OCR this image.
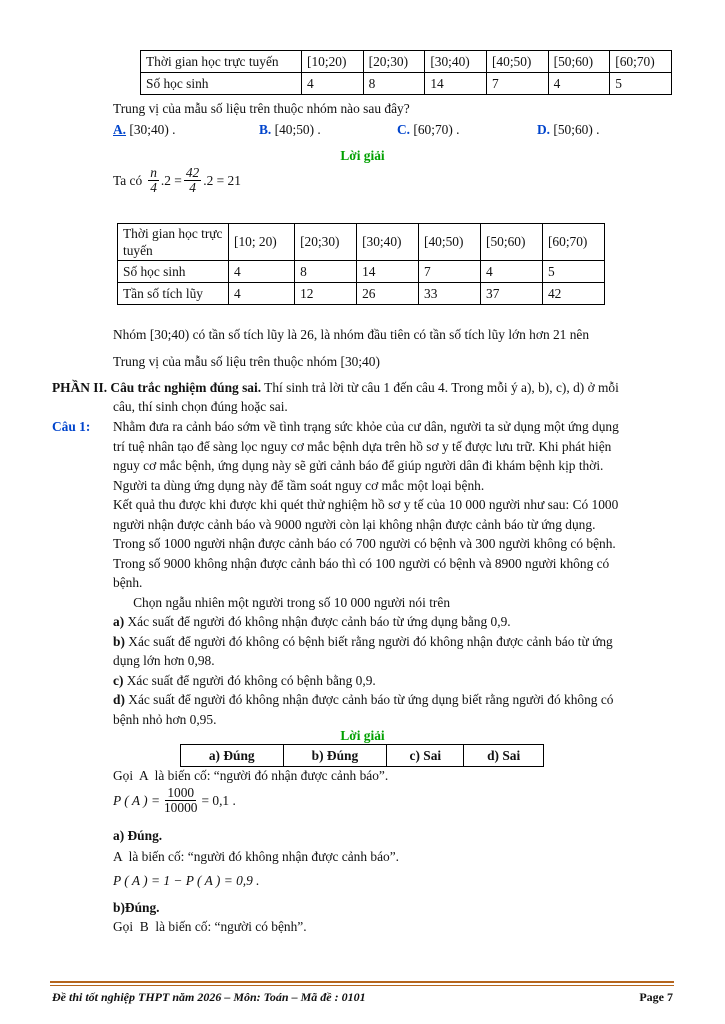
Thời gian học trực tuyến	[10;20)	[20;30)	[30;40)	[40;50)	[50;60)	[60;70)
Số học sinh	4	8	14	7	4	5
Trung vị của mẫu số liệu trên thuộc nhóm nào sau đây?
A. [30;40) .	B. [40;50) .	C. [60;70) .	D. [50;60) .
Lời giải
Ta có $\frac{n}{4} .2 = \frac{42}{4} .2 = 21$
Thời gian học trực tuyến	[10; 20)	[20;30)	[30;40)	[40;50)	[50;60)	[60;70)
Số học sinh	4	8	14	7	4	5
Tần số tích lũy	4	12	26	33	37	42
Nhóm [30;40) có tần số tích lũy là 26, là nhóm đầu tiên có tần số tích lũy lớn hơn 21 nên
Trung vị của mẫu số liệu trên thuộc nhóm [30;40)
PHẦN II. Câu trắc nghiệm đúng sai. Thí sinh trả lời từ câu 1 đến câu 4. Trong mỗi ý a), b), c), d) ở mỗi
câu, thí sinh chọn đúng hoặc sai.
Câu 1: Nhằm đưa ra cảnh báo sớm về tình trạng sức khỏe của cư dân, người ta sử dụng một ứng dụng
trí tuệ nhân tạo để sàng lọc nguy cơ mắc bệnh dựa trên hồ sơ y tế được lưu trữ. Khi phát hiện
nguy cơ mắc bệnh, ứng dụng này sẽ gửi cảnh báo để giúp người dân đi khám bệnh kịp thời.
Người ta dùng ứng dụng này để tầm soát nguy cơ mắc một loại bệnh.
Kết quả thu được khi được khi quét thử nghiệm hồ sơ y tế của 10 000 người như sau: Có 1000
người nhận được cảnh báo và 9000 người còn lại không nhận được cảnh báo từ ứng dụng.
Trong số 1000 người nhận được cảnh báo có 700 người có bệnh và 300 người không có bệnh.
Trong số 9000 không nhận được cảnh báo thì có 100 người có bệnh và 8900 người không có
bệnh.
Chọn ngẫu nhiên một người trong số 10 000 người nói trên
a) Xác suất để người đó không nhận được cảnh báo từ ứng dụng bằng 0,9.
b) Xác suất để người đó không có bệnh biết rằng người đó không nhận được cảnh báo từ ứng
dụng lớn hơn 0,98.
c) Xác suất để người đó không có bệnh bằng 0,9.
d) Xác suất để người đó không nhận được cảnh báo từ ứng dụng biết rằng người đó không có
bệnh nhỏ hơn 0,95.
Lời giải
a) Đúng	b) Đúng	c) Sai	d) Sai
Gọi  A  là biến cố: “người đó nhận được cảnh báo”.
P ( A ) = $\frac{1000}{10000} = 0,1$ .
a) Đúng.
A  là biến cố: “người đó không nhận được cảnh báo”.
P ( A ) = 1 − P ( A ) = 0,9 .
b)Đúng.
Gọi  B  là biến cố: “người có bệnh”.
Đề thi tốt nghiệp THPT năm 2026 – Môn: Toán – Mã đề : 0101	Page 7
